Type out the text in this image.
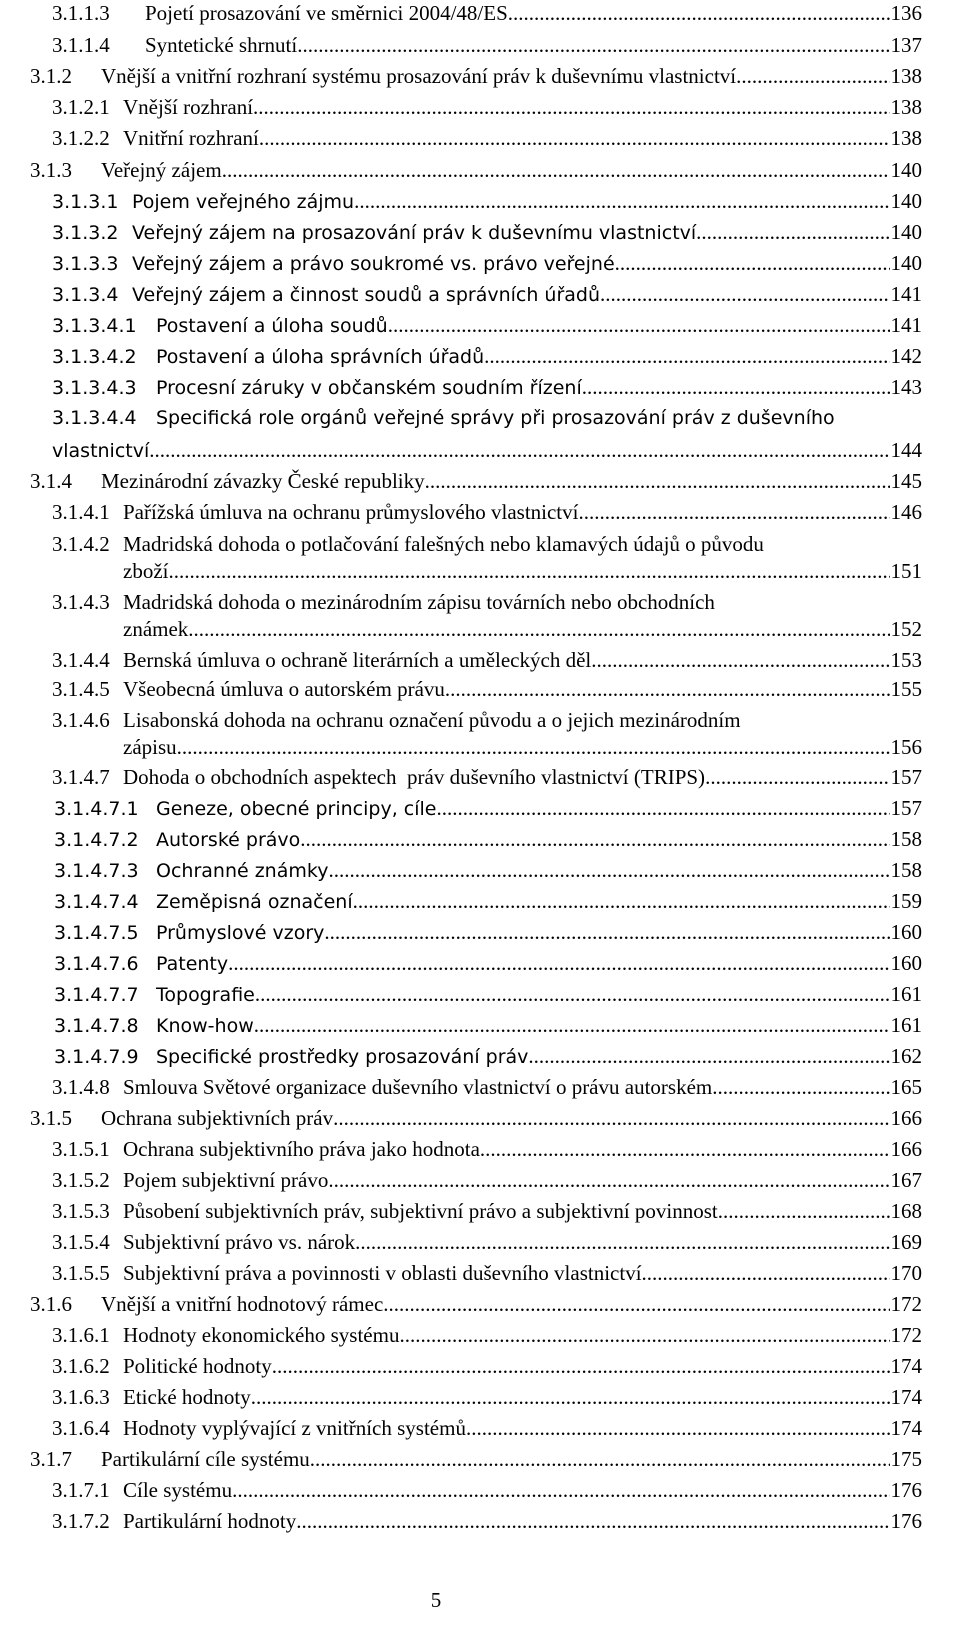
3.1.1.3	Pojetí prosazování ve směrnici 2004/48/ES .....	136
3.1.1.4	Syntetické shrnutí .....	137
3.1.2	Vnější a vnitřní rozhraní systému prosazování práv k duševnímu vlastnictví .....	138
3.1.2.1 Vnější rozhraní .....	138
3.1.2.2 Vnitřní rozhraní .....	138
3.1.3	Veřejný zájem .....	140
3.1.3.1 Pojem veřejného zájmu .....	140
3.1.3.2 Veřejný zájem na prosazování práv k duševnímu vlastnictví .....	140
3.1.3.3 Veřejný zájem a právo soukromé vs. právo veřejné .....	140
3.1.3.4 Veřejný zájem a činnost soudů a správních úřadů .....	141
3.1.3.4.1	Postavení a úloha soudů .....	141
3.1.3.4.2	Postavení a úloha správních úřadů .....	142
3.1.3.4.3	Procesní záruky v občanském soudním řízení .....	143
3.1.3.4.4 Specifická role orgánů veřejné správy při prosazování práv z duševního
vlastnictví .....	144
3.1.4	Mezinárodní závazky České republiky .....	145
3.1.4.1 Pařížská úmluva na ochranu průmyslového vlastnictví .....	146
3.1.4.2 Madridská dohoda o potlačování falešných nebo klamavých údajů o původu
zboží .....	151
3.1.4.3 Madridská dohoda o mezinárodním zápisu továrních nebo obchodních
známek .....	152
3.1.4.4 Bernská úmluva o ochraně literárních a uměleckých děl .....	153
3.1.4.5 Všeobecná úmluva o autorském právu .....	155
3.1.4.6 Lisabonská dohoda na ochranu označení původu a o jejich mezinárodním
zápisu .....	156
3.1.4.7 Dohoda o obchodních aspektech  práv duševního vlastnictví (TRIPS) .....	157
3.1.4.7.1 Geneze, obecné principy, cíle .....	157
3.1.4.7.2 Autorské právo .....	158
3.1.4.7.3 Ochranné známky .....	158
3.1.4.7.4 Zeměpisná označení .....	159
3.1.4.7.5 Průmyslové vzory .....	160
3.1.4.7.6 Patenty .....	160
3.1.4.7.7 Topografie .....	161
3.1.4.7.8 Know-how .....	161
3.1.4.7.9 Specifické prostředky prosazování práv .....	162
3.1.4.8 Smlouva Světové organizace duševního vlastnictví o právu autorském .....	165
3.1.5	Ochrana subjektivních práv .....	166
3.1.5.1 Ochrana subjektivního práva jako hodnota .....	166
3.1.5.2 Pojem subjektivní právo .....	167
3.1.5.3 Působení subjektivních práv, subjektivní právo a subjektivní povinnost .....	168
3.1.5.4 Subjektivní právo vs. nárok .....	169
3.1.5.5 Subjektivní práva a povinnosti v oblasti duševního vlastnictví .....	170
3.1.6	Vnější a vnitřní hodnotový rámec .....	172
3.1.6.1 Hodnoty ekonomického systému .....	172
3.1.6.2 Politické hodnoty .....	174
3.1.6.3 Etické hodnoty .....	174
3.1.6.4 Hodnoty vyplývající z vnitřních systémů .....	174
3.1.7	Partikulární cíle systému .....	175
3.1.7.1 Cíle systému .....	176
3.1.7.2 Partikulární hodnoty .....	176
5
